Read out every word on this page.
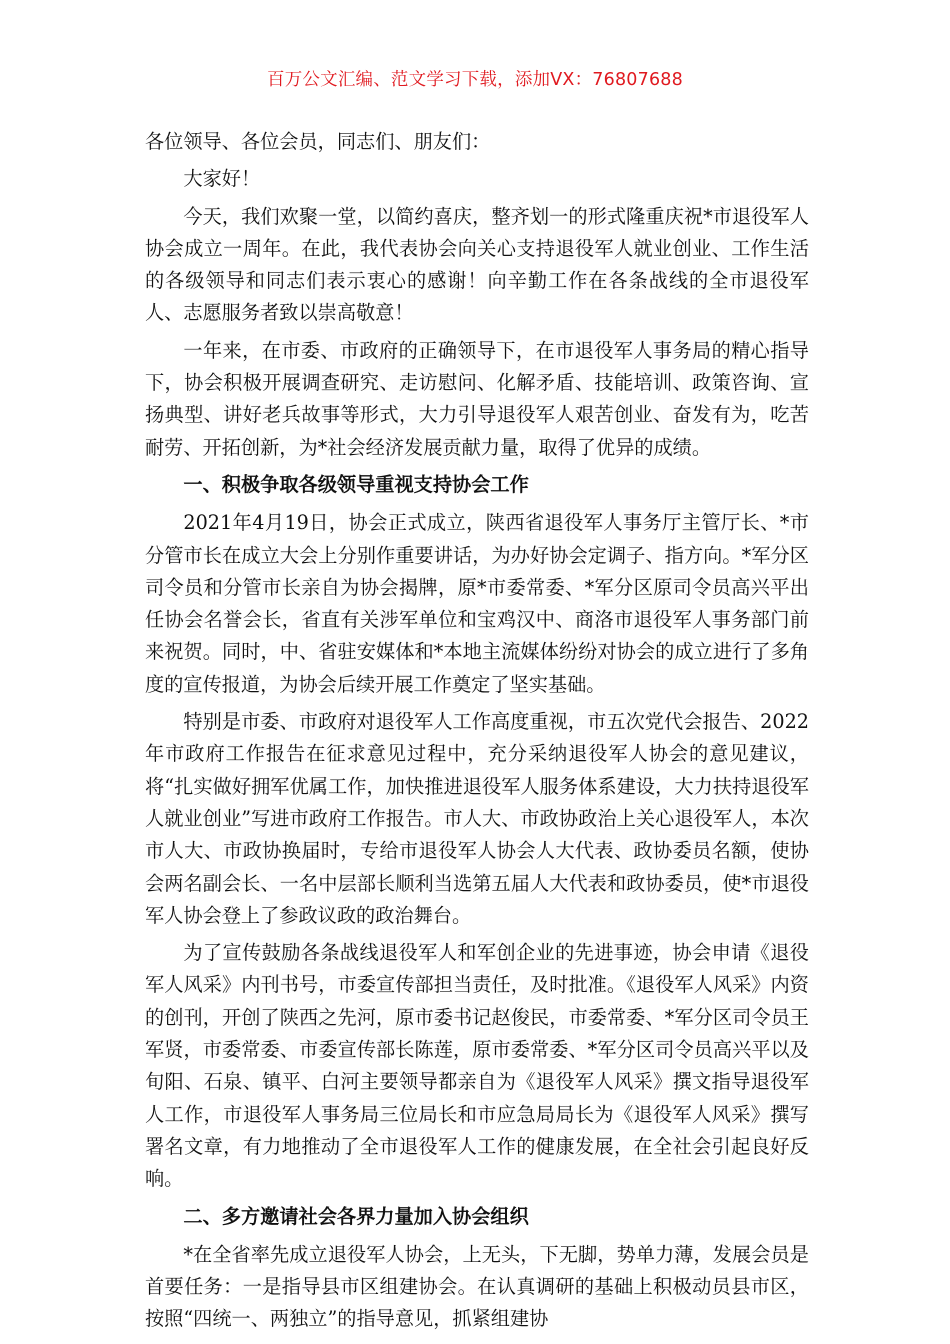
百万公文汇编、范文学习下载，添加VX：76807688

各位领导、各位会员，同志们、朋友们：

大家好！

今天，我们欢聚一堂，以简约喜庆，整齐划一的形式隆重庆祝*市退役军人协会成立一周年。在此，我代表协会向关心支持退役军人就业创业、工作生活的各级领导和同志们表示衷心的感谢！向辛勤工作在各条战线的全市退役军人、志愿服务者致以崇高敬意！

一年来，在市委、市政府的正确领导下，在市退役军人事务局的精心指导下，协会积极开展调查研究、走访慰问、化解矛盾、技能培训、政策咨询、宣扬典型、讲好老兵故事等形式，大力引导退役军人艰苦创业、奋发有为，吃苦耐劳、开拓创新，为*社会经济发展贡献力量，取得了优异的成绩。

一、积极争取各级领导重视支持协会工作

2021年4月19日，协会正式成立，陕西省退役军人事务厅主管厅长、*市分管市长在成立大会上分别作重要讲话，为办好协会定调子、指方向。*军分区司令员和分管市长亲自为协会揭牌，原*市委常委、*军分区原司令员高兴平出任协会名誉会长，省直有关涉军单位和宝鸡汉中、商洛市退役军人事务部门前来祝贺。同时，中、省驻安媒体和*本地主流媒体纷纷对协会的成立进行了多角度的宣传报道，为协会后续开展工作奠定了坚实基础。

特别是市委、市政府对退役军人工作高度重视，市五次党代会报告、2022年市政府工作报告在征求意见过程中，充分采纳退役军人协会的意见建议，将“扎实做好拥军优属工作，加快推进退役军人服务体系建设，大力扶持退役军人就业创业”写进市政府工作报告。市人大、市政协政治上关心退役军人，本次市人大、市政协换届时，专给市退役军人协会人大代表、政协委员名额，使协会两名副会长、一名中层部长顺利当选第五届人大代表和政协委员，使*市退役军人协会登上了参政议政的政治舞台。

为了宣传鼓励各条战线退役军人和军创企业的先进事迹，协会申请《退役军人风采》内刊书号，市委宣传部担当责任，及时批准。《退役军人风采》内资的创刊，开创了陕西之先河，原市委书记赵俊民，市委常委、*军分区司令员王军贤，市委常委、市委宣传部长陈莲，原市委常委、*军分区司令员高兴平以及旬阳、石泉、镇平、白河主要领导都亲自为《退役军人风采》撰文指导退役军人工作，市退役军人事务局三位局长和市应急局局长为《退役军人风采》撰写署名文章，有力地推动了全市退役军人工作的健康发展，在全社会引起良好反响。

二、多方邀请社会各界力量加入协会组织

*在全省率先成立退役军人协会，上无头，下无脚，势单力薄，发展会员是首要任务：一是指导县市区组建协会。在认真调研的基础上积极动员县市区，按照“四统一、两独立”的指导意见，抓紧组建协
